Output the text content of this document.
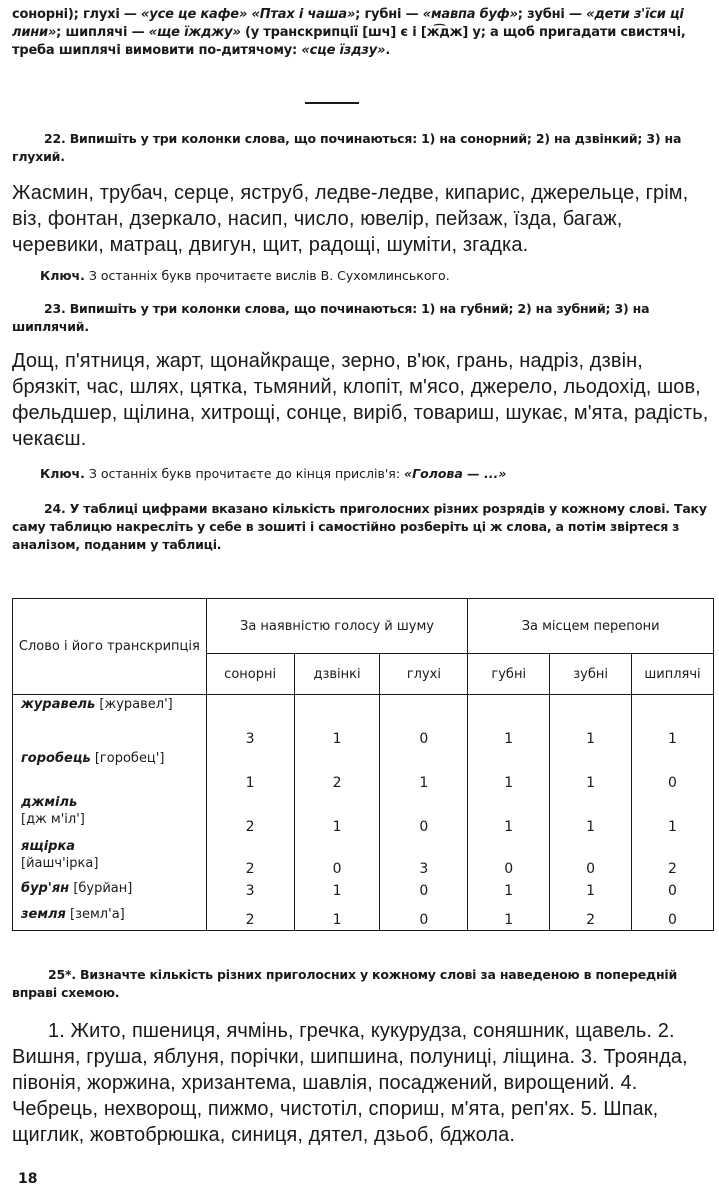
сонорні); глухі — «усе це кафе» «Птах і чаша»; губні — «мавпа буф»; зубні — «дети з'їси ці лини»; шиплячі — «ще їжджу» (у транскрипції [шч] є і [ж͡дж] у; а щоб пригадати свистячі, треба шиплячі вимовити по-дитячому: «сце їздзу».
22. Випишіть у три колонки слова, що починаються: 1) на сонорний; 2) на дзвінкий; 3) на глухий.
Жасмин, трубач, серце, яструб, ледве-ледве, кипарис, джерельце, грім, віз, фонтан, дзеркало, насип, число, ювелір, пейзаж, їзда, багаж, черевики, матрац, двигун, щит, радощі, шуміти, згадка.
Ключ. З останніх букв прочитаєте вислів В. Сухомлинського.
23. Випишіть у три колонки слова, що починаються: 1) на губний; 2) на зубний; 3) на шиплячий.
Дощ, п'ятниця, жарт, щонайкраще, зерно, в'юк, грань, надріз, дзвін, брязкіт, час, шлях, цятка, тьмяний, клопіт, м'ясо, джерело, льодохід, шов, фельдшер, щілина, хитрощі, сонце, виріб, товариш, шукає, м'ята, радість, чекаєш.
Ключ. З останніх букв прочитаєте до кінця прислів'я: «Голова — ...»
24. У таблиці цифрами вказано кількість приголосних різних розрядів у кожному слові. Таку саму таблицю накресліть у себе в зошиті і самостійно розберіть ці ж слова, а потім звіртеся з аналізом, поданим у таблиці.
Слово і його транскрипція	За наявністю голосу й шуму			За місцем перепони		
	сонорні	дзвінкі	глухі	губні	зубні	шиплячі
журавель [журавел']	3	1	0	1	1	1
горобець [горобец']	1	2	1	1	1	0
джміль
[дж м'іл']	2	1	0	1	1	1
ящірка
[йашч'ірка]	2	0	3	0	0	2
бур'ян [бурйан]	3	1	0	1	1	0
земля [земл'а]	2	1	0	1	2	0
25*. Визначте кількість різних приголосних у кожному слові за наведеною в попередній вправі схемою.
1. Жито, пшениця, ячмінь, гречка, кукурудза, соняшник, щавель. 2. Вишня, груша, яблуня, порічки, шипшина, полуниці, ліщина. 3. Троянда, півонія, жоржина, хризантема, шавлія, посаджений, вирощений. 4. Чебрець, нехворощ, пижмо, чистотіл, спориш, м'ята, реп'ях. 5. Шпак, щиглик, жовтобрюшка, синиця, дятел, дзьоб, бджола.
18
